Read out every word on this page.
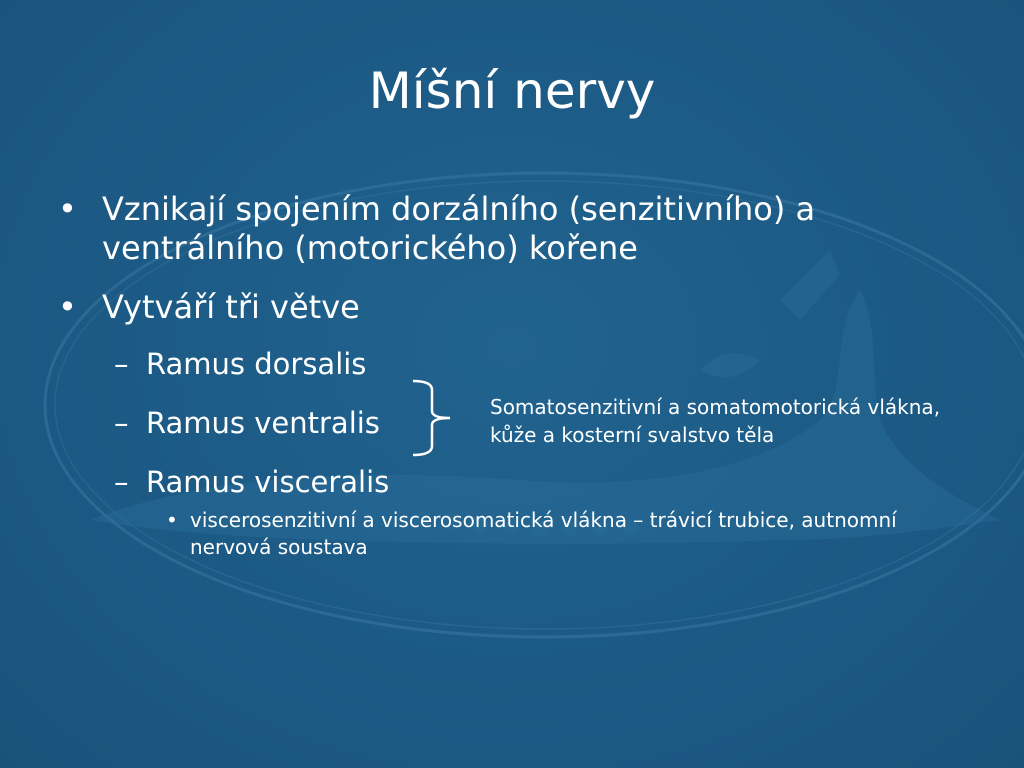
Míšní nervy
• Vznikají spojením dorzálního (senzitivního) a ventrálního (motorického) kořene
• Vytváří tři větve
– Ramus dorsalis
– Ramus ventralis
– Ramus visceralis
• viscerosenzitivní a viscerosomatická vlákna – trávicí trubice, autnomní nervová soustava
Somatosenzitivní a somatomotorická vlákna,
kůže a kosterní svalstvo těla
